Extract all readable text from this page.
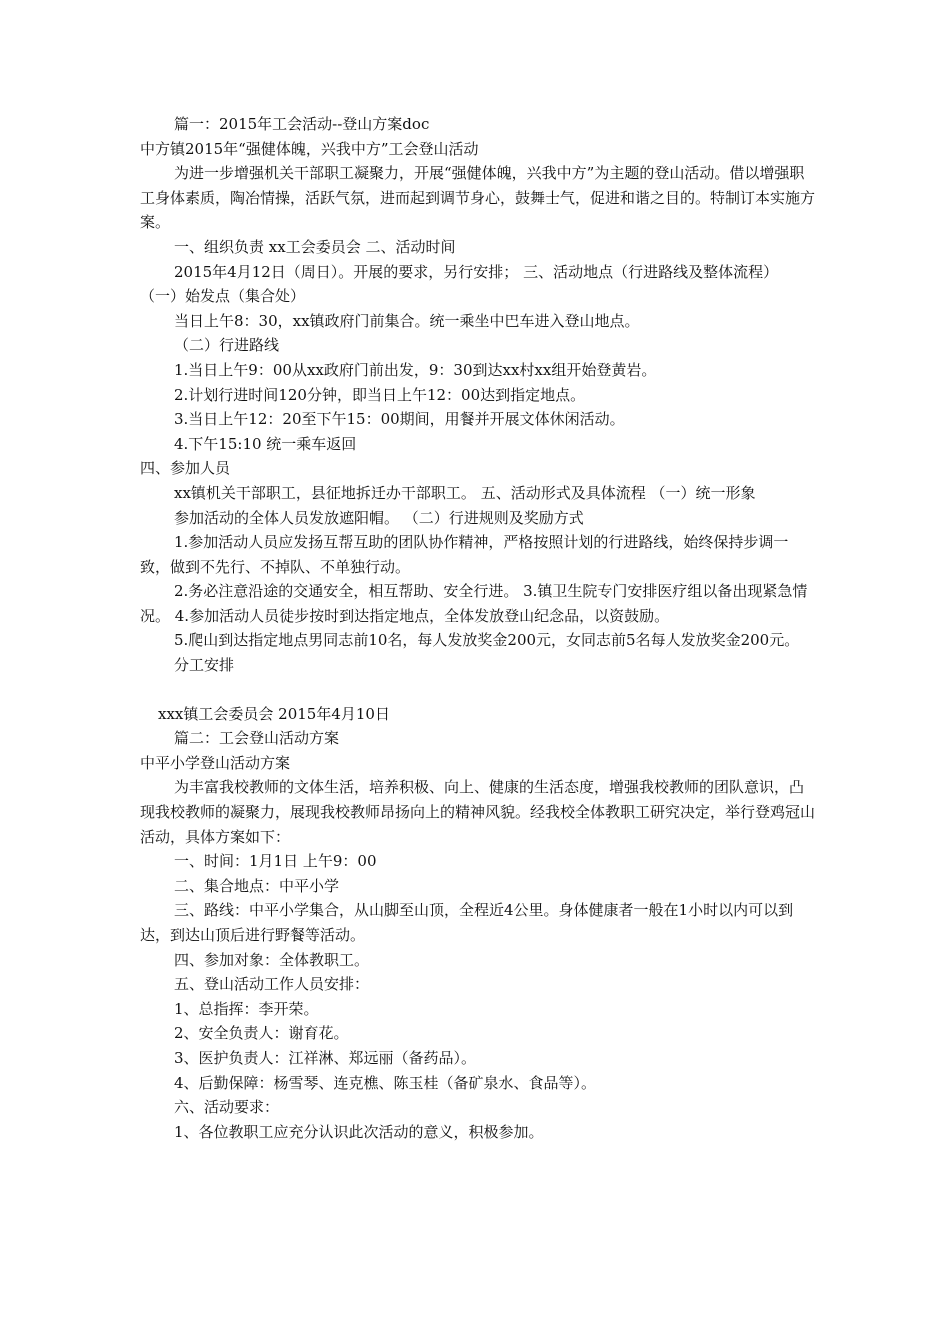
篇一：2015年工会活动--登山方案doc

中方镇2015年“强健体魄，兴我中方”工会登山活动

为进一步增强机关干部职工凝聚力，开展“强健体魄，兴我中方”为主题的登山活动。借以增强职工身体素质，陶冶情操，活跃气氛，进而起到调节身心，鼓舞士气，促进和谐之目的。特制订本实施方案。

一、组织负责 xx工会委员会 二、活动时间

2015年4月12日（周日）。开展的要求，另行安排； 三、活动地点（行进路线及整体流程） （一）始发点（集合处）

当日上午8：30，xx镇政府门前集合。统一乘坐中巴车进入登山地点。

（二）行进路线

1.当日上午9：00从xx政府门前出发，9：30到达xx村xx组开始登黄岩。

2.计划行进时间120分钟，即当日上午12：00达到指定地点。

3.当日上午12：20至下午15：00期间，用餐并开展文体休闲活动。

4.下午15:10 统一乘车返回

四、参加人员

xx镇机关干部职工，县征地拆迁办干部职工。 五、活动形式及具体流程 （一）统一形象

参加活动的全体人员发放遮阳帽。 （二）行进规则及奖励方式

1.参加活动人员应发扬互帮互助的团队协作精神，严格按照计划的行进路线，始终保持步调一致，做到不先行、不掉队、不单独行动。

2.务必注意沿途的交通安全，相互帮助、安全行进。 3.镇卫生院专门安排医疗组以备出现紧急情况。 4.参加活动人员徒步按时到达指定地点，全体发放登山纪念品，以资鼓励。

5.爬山到达指定地点男同志前10名，每人发放奖金200元，女同志前5名每人发放奖金200元。

分工安排

xxx镇工会委员会 2015年4月10日

篇二：工会登山活动方案

中平小学登山活动方案

为丰富我校教师的文体生活，培养积极、向上、健康的生活态度，增强我校教师的团队意识，凸现我校教师的凝聚力，展现我校教师昂扬向上的精神风貌。经我校全体教职工研究决定，举行登鸡冠山活动，具体方案如下：

一、时间：1月1日 上午9：00

二、集合地点：中平小学

三、路线：中平小学集合，从山脚至山顶，全程近4公里。身体健康者一般在1小时以内可以到达，到达山顶后进行野餐等活动。

四、参加对象：全体教职工。

五、登山活动工作人员安排：

1、总指挥：李开荣。

2、安全负责人：谢育花。

3、医护负责人：江祥淋、郑远丽（备药品）。

4、后勤保障：杨雪琴、连克樵、陈玉桂（备矿泉水、食品等）。

六、活动要求：

1、各位教职工应充分认识此次活动的意义，积极参加。
